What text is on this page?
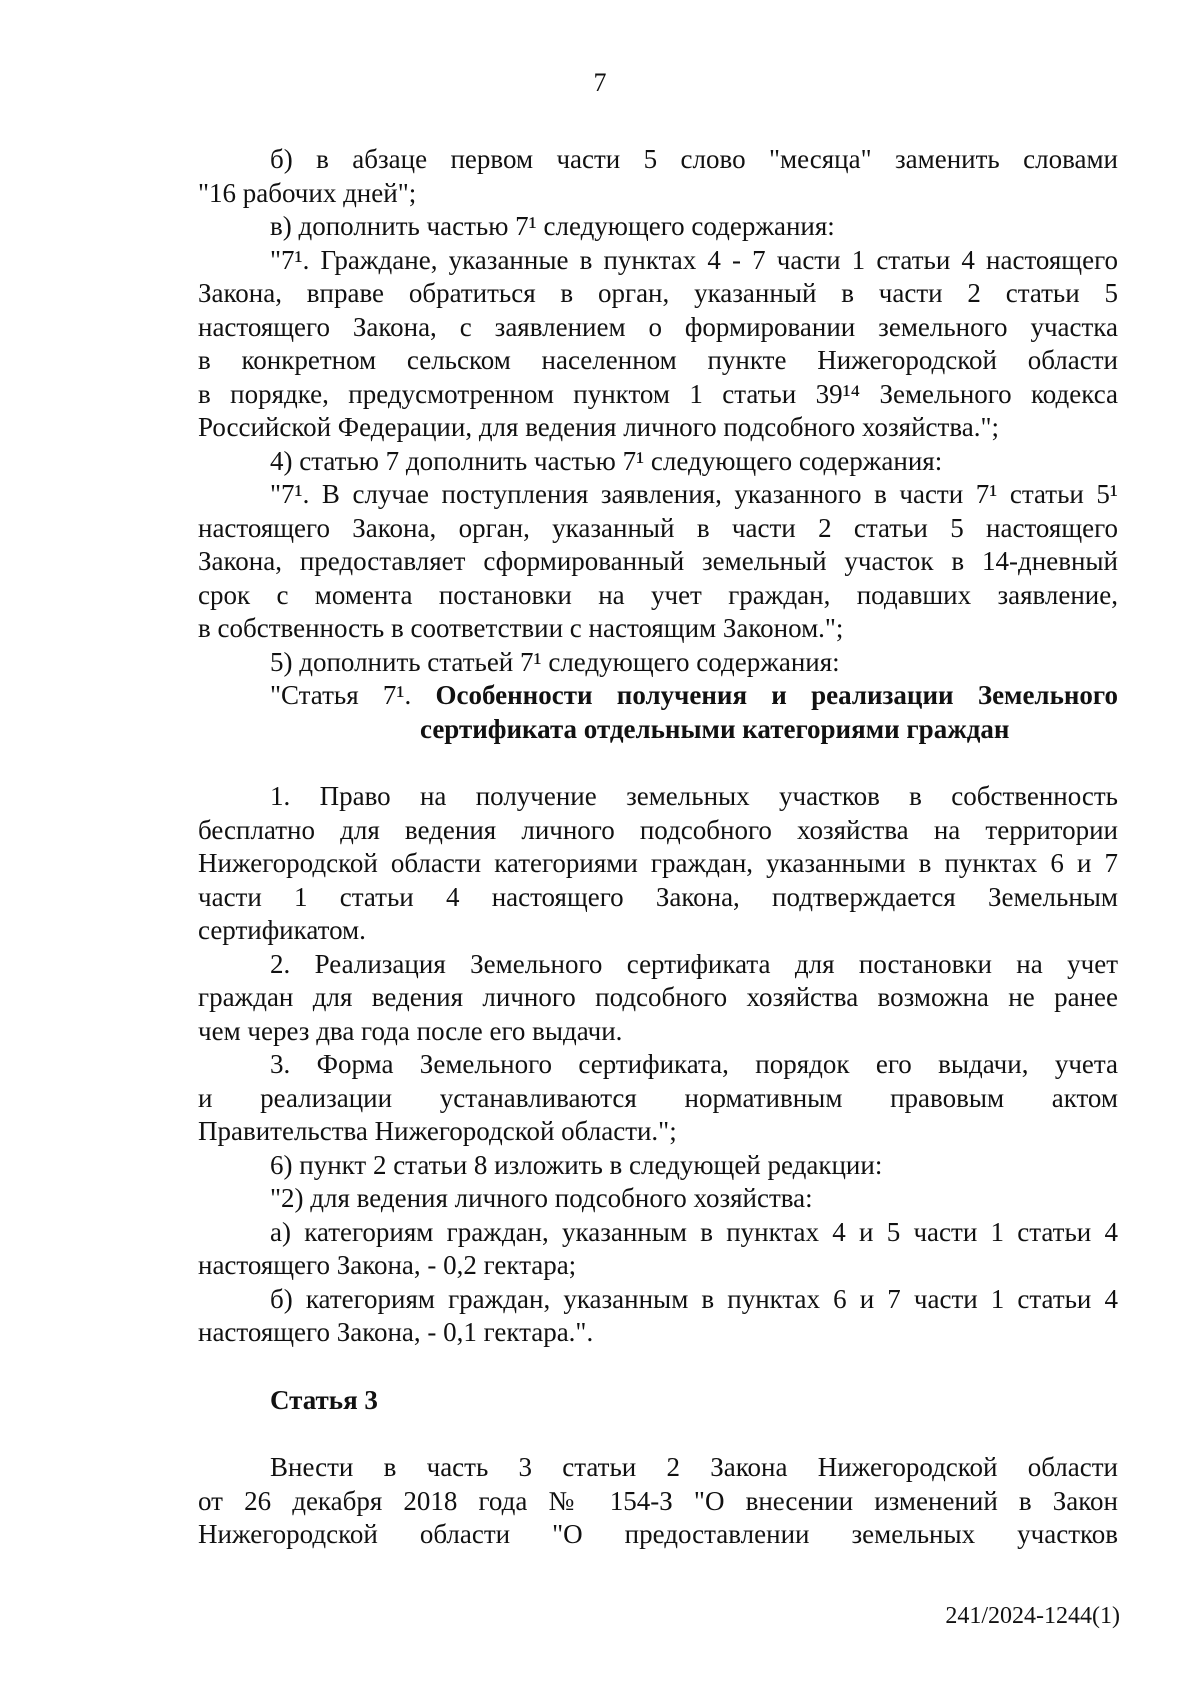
7
б) в абзаце первом части 5 слово "месяца" заменить словами
"16 рабочих дней";
в) дополнить частью 7¹ следующего содержания:
"7¹. Граждане, указанные в пунктах 4 - 7 части 1 статьи 4 настоящего
Закона, вправе обратиться в орган, указанный в части 2 статьи 5
настоящего Закона, с заявлением о формировании земельного участка
в конкретном сельском населенном пункте Нижегородской области
в порядке, предусмотренном пунктом 1 статьи 39¹⁴ Земельного кодекса
Российской Федерации, для ведения личного подсобного хозяйства.";
4) статью 7 дополнить частью 7¹ следующего содержания:
"7¹. В случае поступления заявления, указанного в части 7¹ статьи 5¹
настоящего Закона, орган, указанный в части 2 статьи 5 настоящего
Закона, предоставляет сформированный земельный участок в 14-дневный
срок с момента постановки на учет граждан, подавших заявление,
в собственность в соответствии с настоящим Законом.";
5) дополнить статьей 7¹ следующего содержания:
"Статья 7¹. Особенности получения и реализации Земельного
сертификата отдельными категориями граждан
1. Право на получение земельных участков в собственность
бесплатно для ведения личного подсобного хозяйства на территории
Нижегородской области категориями граждан, указанными в пунктах 6 и 7
части 1 статьи 4 настоящего Закона, подтверждается Земельным
сертификатом.
2. Реализация Земельного сертификата для постановки на учет
граждан для ведения личного подсобного хозяйства возможна не ранее
чем через два года после его выдачи.
3. Форма Земельного сертификата, порядок его выдачи, учета
и реализации устанавливаются нормативным правовым актом
Правительства Нижегородской области.";
6) пункт 2 статьи 8 изложить в следующей редакции:
"2) для ведения личного подсобного хозяйства:
а) категориям граждан, указанным в пунктах 4 и 5 части 1 статьи 4
настоящего Закона, - 0,2 гектара;
б) категориям граждан, указанным в пунктах 6 и 7 части 1 статьи 4
настоящего Закона, - 0,1 гектара.".
Статья 3
Внести в часть 3 статьи 2 Закона Нижегородской области
от 26 декабря 2018 года № 154-З "О внесении изменений в Закон
Нижегородской области "О предоставлении земельных участков
241/2024-1244(1)
